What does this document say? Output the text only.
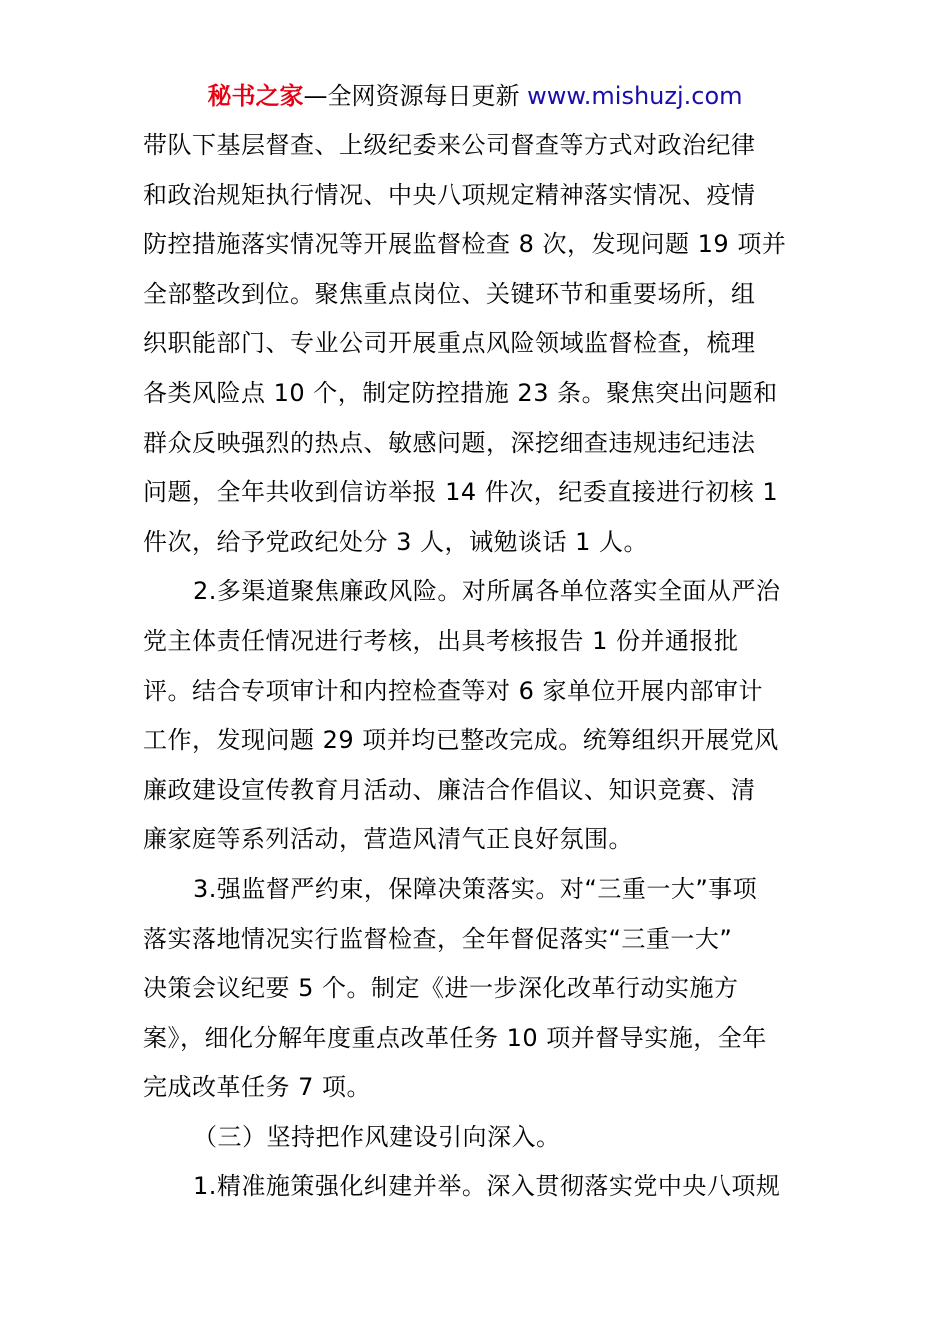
秘书之家—全网资源每日更新 www.mishuzj.com
带队下基层督查、上级纪委来公司督查等方式对政治纪律
和政治规矩执行情况、中央八项规定精神落实情况、疫情
防控措施落实情况等开展监督检查 8 次，发现问题 19 项并
全部整改到位。聚焦重点岗位、关键环节和重要场所，组
织职能部门、专业公司开展重点风险领域监督检查，梳理
各类风险点 10 个，制定防控措施 23 条。聚焦突出问题和
群众反映强烈的热点、敏感问题，深挖细查违规违纪违法
问题，全年共收到信访举报 14 件次，纪委直接进行初核 1
件次，给予党政纪处分 3 人，诫勉谈话 1 人。
2.多渠道聚焦廉政风险。对所属各单位落实全面从严治
党主体责任情况进行考核，出具考核报告 1 份并通报批
评。结合专项审计和内控检查等对 6 家单位开展内部审计
工作，发现问题 29 项并均已整改完成。统筹组织开展党风
廉政建设宣传教育月活动、廉洁合作倡议、知识竞赛、清
廉家庭等系列活动，营造风清气正良好氛围。
3.强监督严约束，保障决策落实。对“三重一大”事项
落实落地情况实行监督检查，全年督促落实“三重一大”
决策会议纪要 5 个。制定《进一步深化改革行动实施方
案》，细化分解年度重点改革任务 10 项并督导实施，全年
完成改革任务 7 项。
（三）坚持把作风建设引向深入。
1.精准施策强化纠建并举。深入贯彻落实党中央八项规
